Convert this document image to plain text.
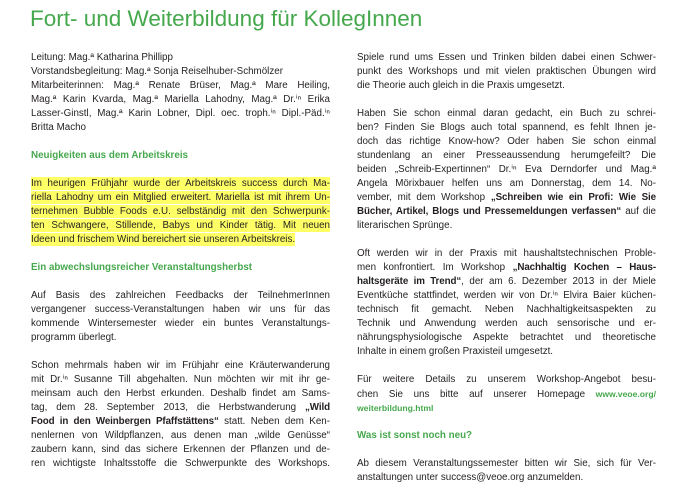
Fort- und Weiterbildung für KollegInnen
Leitung: Mag.ª Katharina Phillipp
Vorstandsbegleitung: Mag.ª Sonja Reiselhuber-Schmölzer
Mitarbeiterinnen: Mag.ª Renate Brüser, Mag.ª Mare Heiling,
Mag.ª Karin Kvarda, Mag.ª Mariella Lahodny, Mag.ª Dr.ⁱⁿ Erika
Lasser-Ginstl, Mag.ª Karin Lobner, Dipl. oec. troph.ⁱⁿ Dipl.-Päd.ⁱⁿ
Britta Macho
Neuigkeiten aus dem Arbeitskreis
Im heurigen Frühjahr wurde der Arbeitskreis success durch Ma-
riella Lahodny um ein Mitglied erweitert. Mariella ist mit ihrem Un-
ternehmen Bubble Foods e.U. selbständig mit den Schwerpunk-
ten Schwangere, Stillende, Babys und Kinder tätig. Mit neuen
Ideen und frischem Wind bereichert sie unseren Arbeitskreis.
Ein abwechslungsreicher Veranstaltungsherbst
Auf Basis des zahlreichen Feedbacks der TeilnehmerInnen
vergangener success-Veranstaltungen haben wir uns für das
kommende Wintersemester wieder ein buntes Veranstaltungs-
programm überlegt.
Schon mehrmals haben wir im Frühjahr eine Kräuterwanderung
mit Dr.ⁱⁿ Susanne Till abgehalten. Nun möchten wir mit ihr ge-
meinsam auch den Herbst erkunden. Deshalb findet am Sams-
tag, dem 28. September 2013, die Herbstwanderung „Wild
Food in den Weinbergen Pfaffstättens“ statt. Neben dem Ken-
nenlernen von Wildpflanzen, aus denen man „wilde Genüsse“
zaubern kann, sind das sichere Erkennen der Pflanzen und de-
ren wichtigste Inhaltsstoffe die Schwerpunkte des Workshops.
Spiele rund ums Essen und Trinken bilden dabei einen Schwer-
punkt des Workshops und mit vielen praktischen Übungen wird
die Theorie auch gleich in die Praxis umgesetzt.
Haben Sie schon einmal daran gedacht, ein Buch zu schrei-
ben? Finden Sie Blogs auch total spannend, es fehlt Ihnen je-
doch das richtige Know-how? Oder haben Sie schon einmal
stundenlang an einer Presseaussendung herumgefeilt? Die
beiden „Schreib-Expertinnen“ Dr.ⁱⁿ Eva Derndorfer und Mag.ª
Angela Mörixbauer helfen uns am Donnerstag, dem 14. No-
vember, mit dem Workshop „Schreiben wie ein Profi: Wie Sie
Bücher, Artikel, Blogs und Pressemeldungen verfassen“ auf die
literarischen Sprünge.
Oft werden wir in der Praxis mit haushaltstechnischen Proble-
men konfrontiert. Im Workshop „Nachhaltig Kochen – Haus-
haltsgeräte im Trend“, der am 6. Dezember 2013 in der Miele
Eventküche stattfindet, werden wir von Dr.ⁱⁿ Elvira Baier küchen-
technisch fit gemacht. Neben Nachhaltigkeitsaspekten zu
Technik und Anwendung werden auch sensorische und er-
nährungsphysiologische Aspekte betrachtet und theoretische
Inhalte in einem großen Praxisteil umgesetzt.
Für weitere Details zu unserem Workshop-Angebot besu-
chen Sie uns bitte auf unserer Homepage www.veoe.org/
weiterbildung.html
Was ist sonst noch neu?
Ab diesem Veranstaltungssemester bitten wir Sie, sich für Ver-
anstaltungen unter success@veoe.org anzumelden.
